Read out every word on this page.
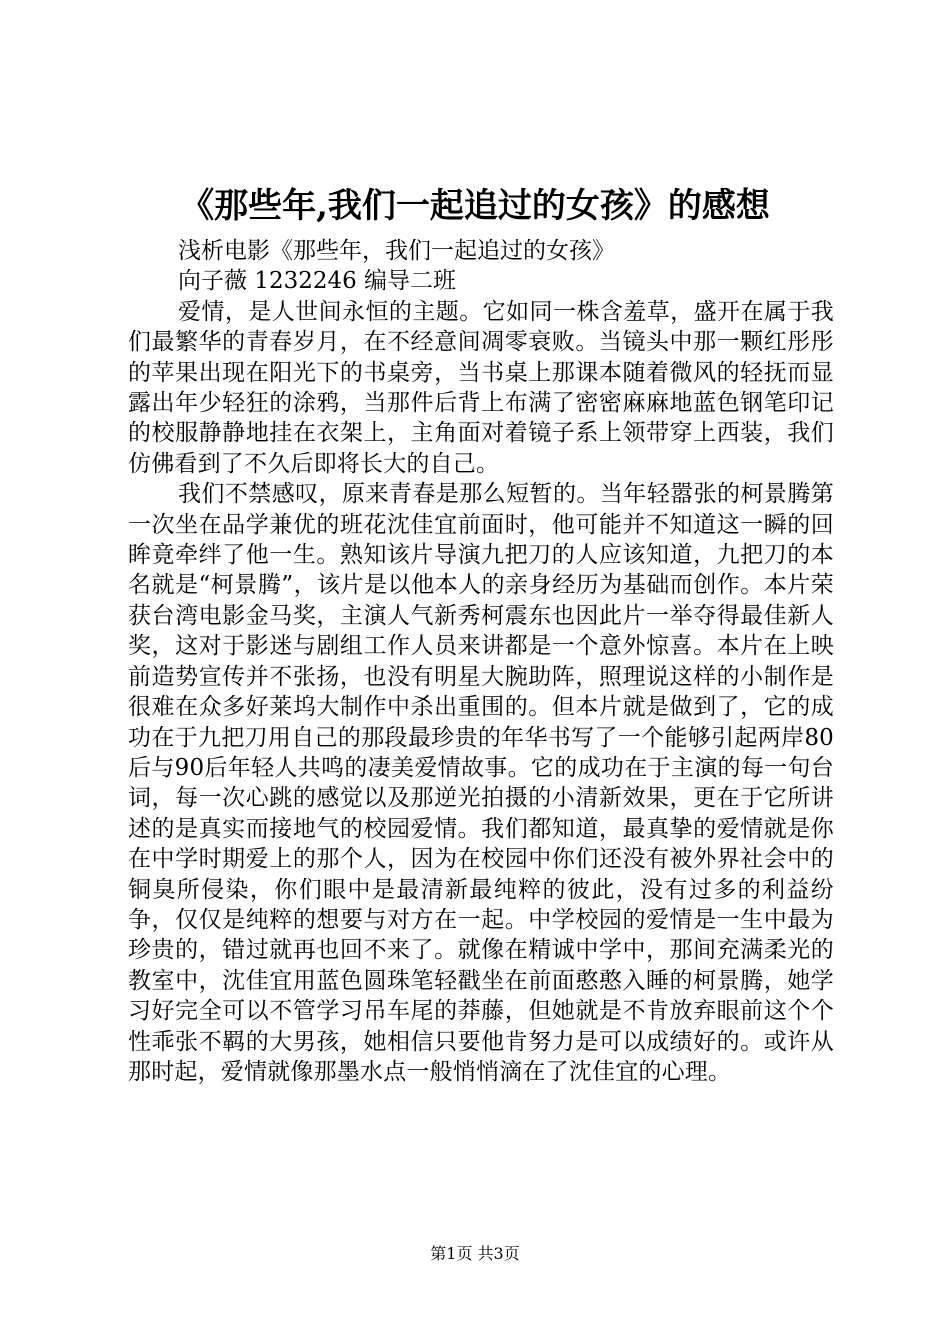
《那些年,我们一起追过的女孩》的感想

浅析电影《那些年，我们一起追过的女孩》

向子薇 1232246 编导二班

爱情，是人世间永恒的主题。它如同一株含羞草，盛开在属于我们最繁华的青春岁月，在不经意间凋零衰败。当镜头中那一颗红彤彤的苹果出现在阳光下的书桌旁，当书桌上那课本随着微风的轻抚而显露出年少轻狂的涂鸦，当那件后背上布满了密密麻麻地蓝色钢笔印记的校服静静地挂在衣架上，主角面对着镜子系上领带穿上西装，我们仿佛看到了不久后即将长大的自己。

我们不禁感叹，原来青春是那么短暂的。当年轻嚣张的柯景腾第一次坐在品学兼优的班花沈佳宜前面时，他可能并不知道这一瞬的回眸竟牵绊了他一生。熟知该片导演九把刀的人应该知道，九把刀的本名就是“柯景腾”，该片是以他本人的亲身经历为基础而创作。本片荣获台湾电影金马奖，主演人气新秀柯震东也因此片一举夺得最佳新人奖，这对于影迷与剧组工作人员来讲都是一个意外惊喜。本片在上映前造势宣传并不张扬，也没有明星大腕助阵，照理说这样的小制作是很难在众多好莱坞大制作中杀出重围的。但本片就是做到了，它的成功在于九把刀用自己的那段最珍贵的年华书写了一个能够引起两岸80后与90后年轻人共鸣的凄美爱情故事。它的成功在于主演的每一句台词，每一次心跳的感觉以及那逆光拍摄的小清新效果，更在于它所讲述的是真实而接地气的校园爱情。我们都知道，最真挚的爱情就是你在中学时期爱上的那个人，因为在校园中你们还没有被外界社会中的铜臭所侵染，你们眼中是最清新最纯粹的彼此，没有过多的利益纷争，仅仅是纯粹的想要与对方在一起。中学校园的爱情是一生中最为珍贵的，错过就再也回不来了。就像在精诚中学中，那间充满柔光的教室中，沈佳宜用蓝色圆珠笔轻戳坐在前面憨憨入睡的柯景腾，她学习好完全可以不管学习吊车尾的莽藤，但她就是不肯放弃眼前这个个性乖张不羁的大男孩，她相信只要他肯努力是可以成绩好的。或许从那时起，爱情就像那墨水点一般悄悄滴在了沈佳宜的心理。

第1页 共3页
